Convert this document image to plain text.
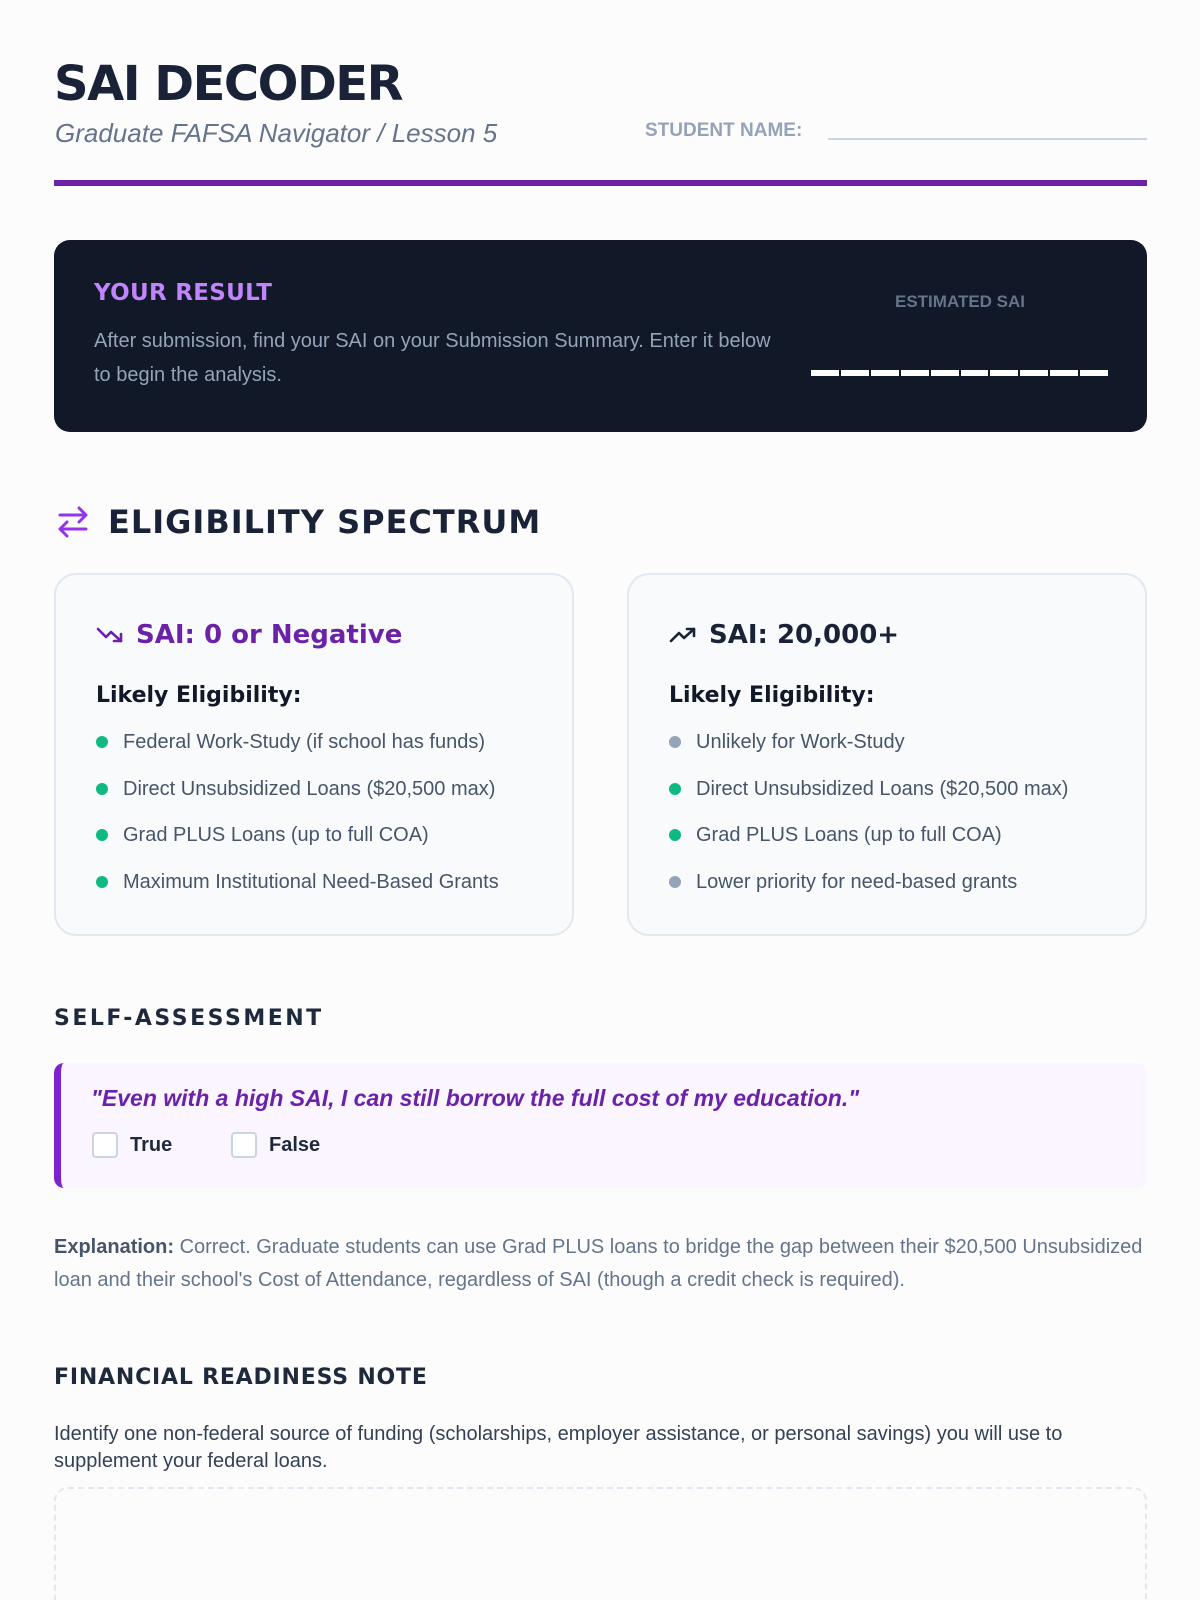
SAI DECODER
Graduate FAFSA Navigator / Lesson 5	STUDENT NAME:
YOUR RESULT
After submission, find your SAI on your Submission Summary. Enter it below to begin the analysis.
ESTIMATED SAI
ELIGIBILITY SPECTRUM
SAI: 0 or Negative
Likely Eligibility:
Federal Work-Study (if school has funds)
Direct Unsubsidized Loans ($20,500 max)
Grad PLUS Loans (up to full COA)
Maximum Institutional Need-Based Grants
SAI: 20,000+
Likely Eligibility:
Unlikely for Work-Study
Direct Unsubsidized Loans ($20,500 max)
Grad PLUS Loans (up to full COA)
Lower priority for need-based grants
SELF-ASSESSMENT
"Even with a high SAI, I can still borrow the full cost of my education."
True	False
Explanation: Correct. Graduate students can use Grad PLUS loans to bridge the gap between their $20,500 Unsubsidized loan and their school's Cost of Attendance, regardless of SAI (though a credit check is required).
FINANCIAL READINESS NOTE
Identify one non-federal source of funding (scholarships, employer assistance, or personal savings) you will use to supplement your federal loans.
